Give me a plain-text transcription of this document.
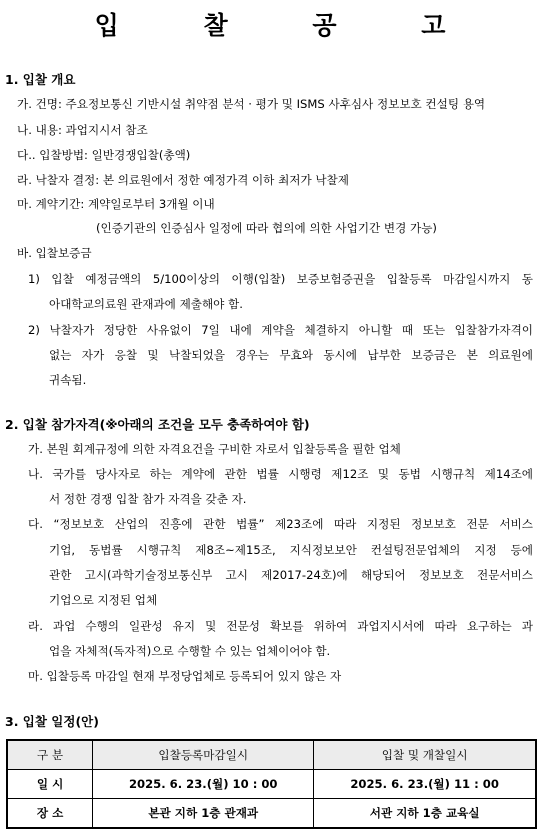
입 찰 공 고
1. 입찰 개요
가. 건명: 주요정보통신 기반시설 취약점 분석 · 평가 및 ISMS 사후심사 정보보호 컨설팅 용역
나. 내용: 과업지시서 참조
다.. 입찰방법: 일반경쟁입찰(총액)
라. 낙찰자 결정: 본 의료원에서 정한 예정가격 이하 최저가 낙찰제
마. 계약기간: 계약일로부터 3개월 이내
(인증기관의 인증심사 일정에 따라 협의에 의한 사업기간 변경 가능)
바. 입찰보증금
1) 입찰 예정금액의 5/100이상의 이행(입찰) 보증보험증권을 입찰등록 마감일시까지 동
아대학교의료원 관재과에 제출해야 함.
2) 낙찰자가 정당한 사유없이 7일 내에 계약을 체결하지 아니할 때 또는 입찰참가자격이
없는 자가 응찰 및 낙찰되었을 경우는 무효와 동시에 납부한 보증금은 본 의료원에
귀속됨.
2. 입찰 참가자격(※아래의 조건을 모두 충족하여야 함)
가. 본원 회계규정에 의한 자격요건을 구비한 자로서 입찰등록을 필한 업체
나. 국가를 당사자로 하는 계약에 관한 법률 시행령 제12조 및 동법 시행규칙 제14조에
서 정한 경쟁 입찰 참가 자격을 갖춘 자.
다. “정보보호 산업의 진흥에 관한 법률” 제23조에 따라 지정된 정보보호 전문 서비스
기업, 동법률 시행규칙 제8조~제15조, 지식정보보안 컨설팅전문업체의 지정 등에
관한 고시(과학기술정보통신부 고시 제2017-24호)에 해당되어 정보보호 전문서비스
기업으로 지정된 업체
라. 과업 수행의 일관성 유지 및 전문성 확보를 위하여 과업지시서에 따라 요구하는 과
업을 자체적(독자적)으로 수행할 수 있는 업체이어야 함.
마. 입찰등록 마감일 현재 부정당업체로 등록되어 있지 않은 자
3. 입찰 일정(안)
구 분	입찰등록마감일시	입찰 및 개찰일시
일 시	2025. 6. 23.(월) 10 : 00	2025. 6. 23.(월) 11 : 00
장 소	본관 지하 1층 관재과	서관 지하 1층 교육실
